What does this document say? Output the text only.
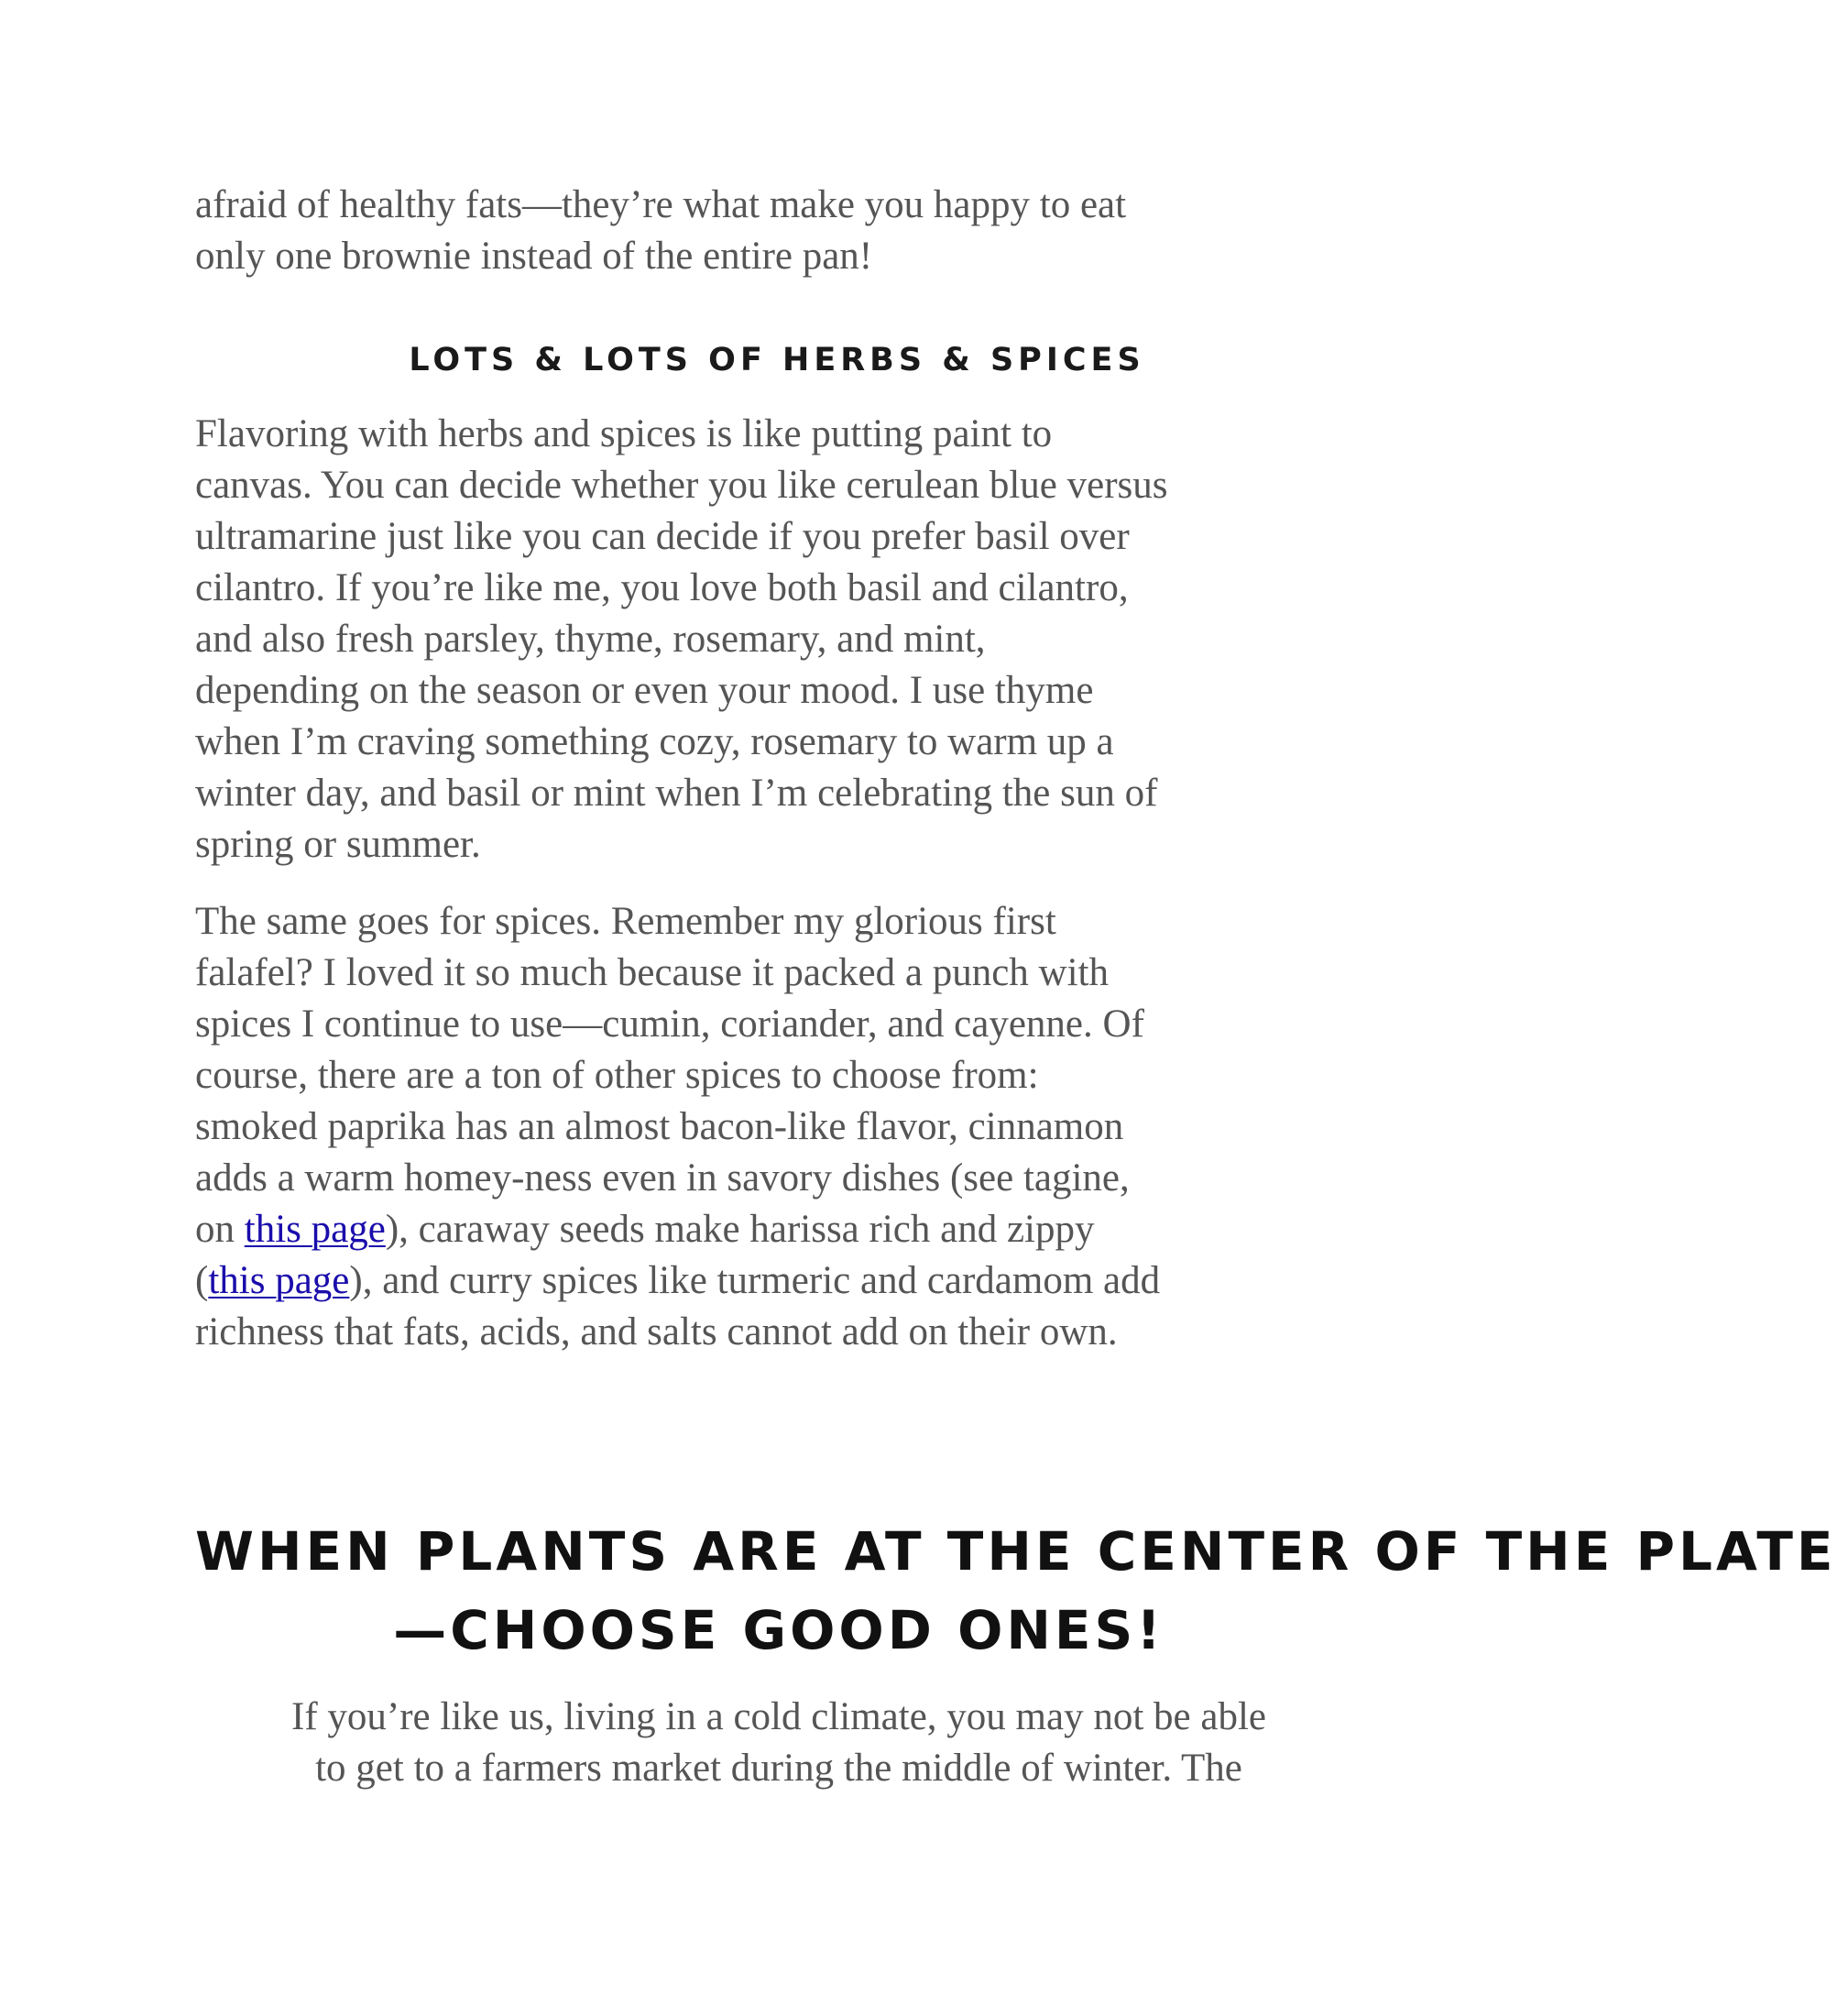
afraid of healthy fats—they’re what make you happy to eat
only one brownie instead of the entire pan!

LOTS & LOTS OF HERBS & SPICES

Flavoring with herbs and spices is like putting paint to
canvas. You can decide whether you like cerulean blue versus
ultramarine just like you can decide if you prefer basil over
cilantro. If you’re like me, you love both basil and cilantro,
and also fresh parsley, thyme, rosemary, and mint,
depending on the season or even your mood. I use thyme
when I’m craving something cozy, rosemary to warm up a
winter day, and basil or mint when I’m celebrating the sun of
spring or summer.

The same goes for spices. Remember my glorious first
falafel? I loved it so much because it packed a punch with
spices I continue to use—cumin, coriander, and cayenne. Of
course, there are a ton of other spices to choose from:
smoked paprika has an almost bacon-like flavor, cinnamon
adds a warm homey-ness even in savory dishes (see tagine,
on this page), caraway seeds make harissa rich and zippy
(this page), and curry spices like turmeric and cardamom add
richness that fats, acids, and salts cannot add on their own.

WHEN PLANTS ARE AT THE CENTER OF THE PLATE
—CHOOSE GOOD ONES!

If you’re like us, living in a cold climate, you may not be able
to get to a farmers market during the middle of winter. The
